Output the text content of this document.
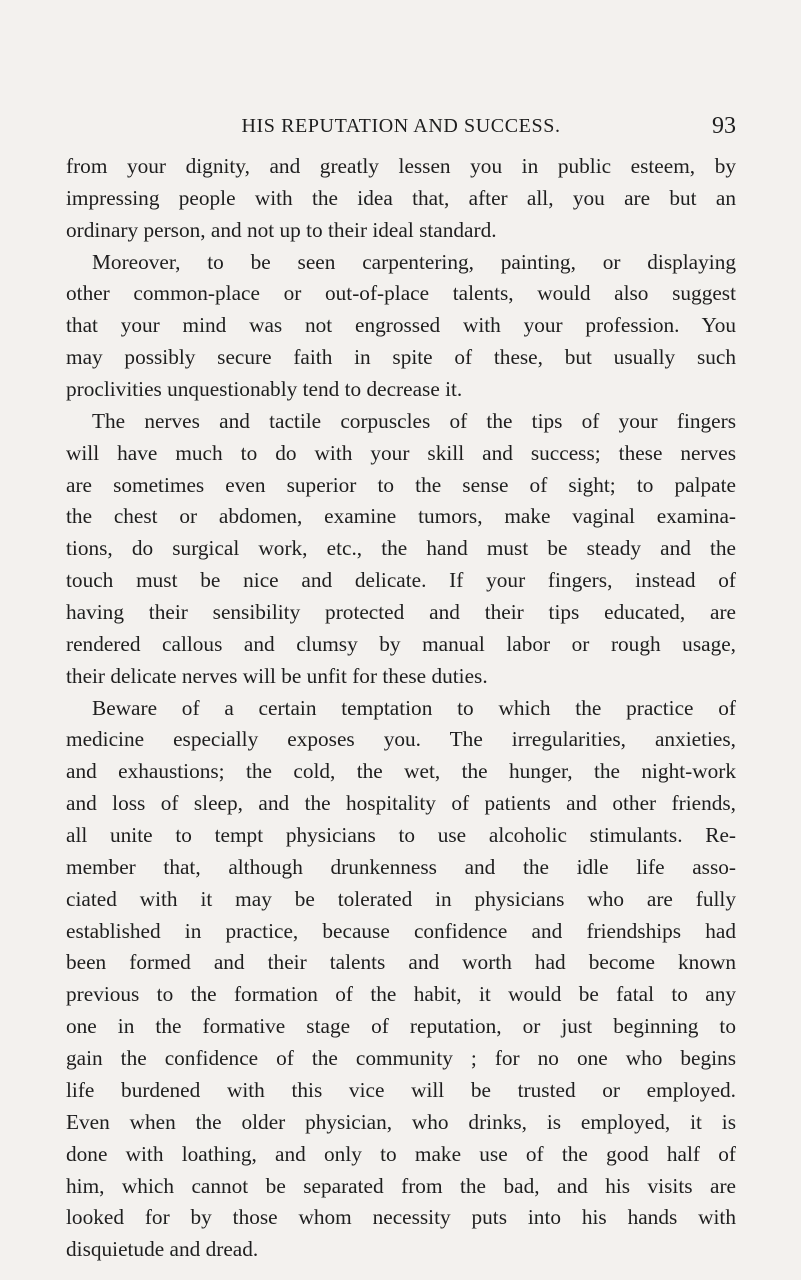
HIS REPUTATION AND SUCCESS.	93
from your dignity, and greatly lessen you in public esteem, by
impressing people with the idea that, after all, you are but an
ordinary person, and not up to their ideal standard.
Moreover, to be seen carpentering, painting, or displaying
other common-place or out-of-place talents, would also suggest
that your mind was not engrossed with your profession. You
may possibly secure faith in spite of these, but usually such
proclivities unquestionably tend to decrease it.
The nerves and tactile corpuscles of the tips of your fingers
will have much to do with your skill and success; these nerves
are sometimes even superior to the sense of sight; to palpate
the chest or abdomen, examine tumors, make vaginal examina-
tions, do surgical work, etc., the hand must be steady and the
touch must be nice and delicate. If your fingers, instead of
having their sensibility protected and their tips educated, are
rendered callous and clumsy by manual labor or rough usage,
their delicate nerves will be unfit for these duties.
Beware of a certain temptation to which the practice of
medicine especially exposes you. The irregularities, anxieties,
and exhaustions; the cold, the wet, the hunger, the night-work
and loss of sleep, and the hospitality of patients and other friends,
all unite to tempt physicians to use alcoholic stimulants. Re-
member that, although drunkenness and the idle life asso-
ciated with it may be tolerated in physicians who are fully
established in practice, because confidence and friendships had
been formed and their talents and worth had become known
previous to the formation of the habit, it would be fatal to any
one in the formative stage of reputation, or just beginning to
gain the confidence of the community ; for no one who begins
life burdened with this vice will be trusted or employed.
Even when the older physician, who drinks, is employed, it is
done with loathing, and only to make use of the good half of
him, which cannot be separated from the bad, and his visits are
looked for by those whom necessity puts into his hands with
disquietude and dread.
